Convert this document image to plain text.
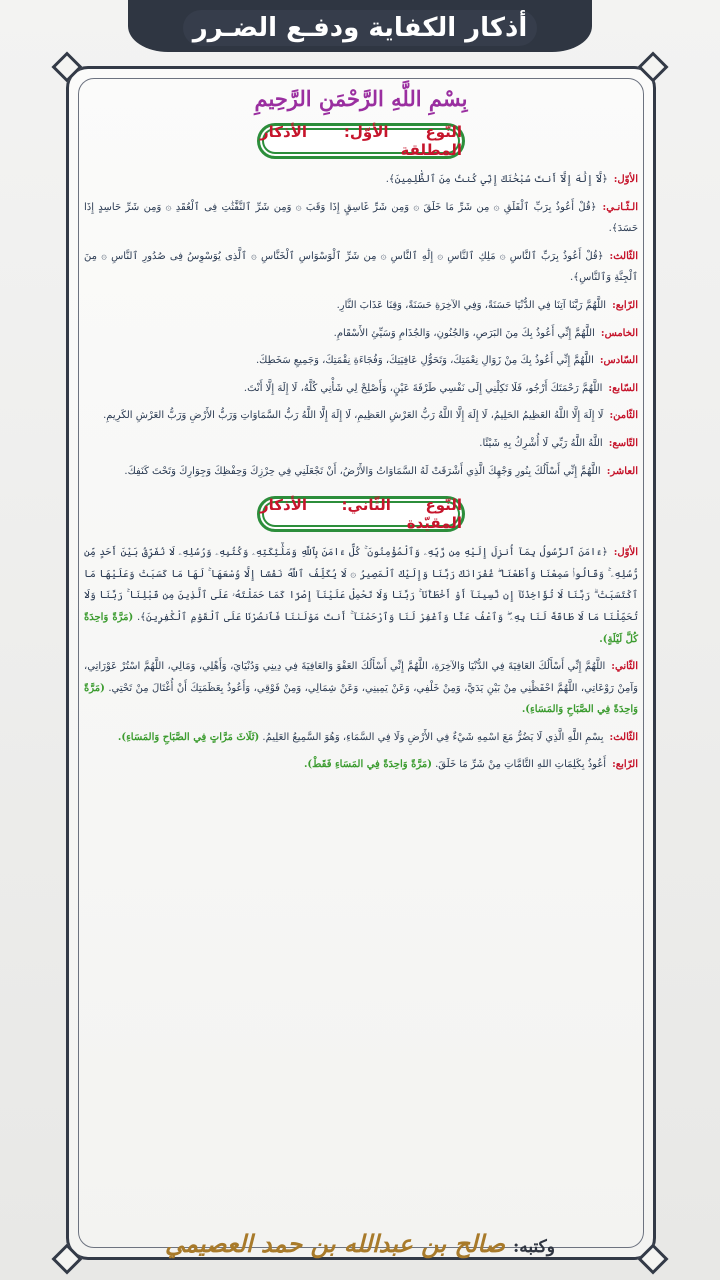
أذكار الكفاية ودفـع الضـرر
بِسْمِ اللَّهِ الرَّحْمَنِ الرَّحِيمِ
النّوع الأوّل: الأذكار المطلقة
الأوّل:﴿لَّآ إِلَٰهَ إِلَّآ أَنتَ سُبْحَٰنَكَ إِنِّي كُنتُ مِنَ ٱلظَّٰلِمِينَ﴾.
الـثّـانـي:﴿قُلْ أَعُوذُ بِرَبِّ ٱلْفَلَقِ ۞ مِن شَرِّ مَا خَلَقَ ۞ وَمِن شَرِّ غَاسِقٍ إِذَا وَقَبَ ۞ وَمِن شَرِّ ٱلنَّفَّٰثَٰتِ فِى ٱلْعُقَدِ ۞ وَمِن شَرِّ حَاسِدٍ إِذَا حَسَدَ﴾.
الثّالث:﴿قُلْ أَعُوذُ بِرَبِّ ٱلنَّاسِ ۞ مَلِكِ ٱلنَّاسِ ۞ إِلَٰهِ ٱلنَّاسِ ۞ مِن شَرِّ ٱلْوَسْوَاسِ ٱلْخَنَّاسِ ۞ ٱلَّذِى يُوَسْوِسُ فِى صُدُورِ ٱلنَّاسِ ۞ مِنَ ٱلْجِنَّةِ وَٱلنَّاسِ﴾.
الرّابع:اللَّهُمَّ رَبَّنَا آتِنَا فِي الدُّنْيَا حَسَنَةً، وَفِي الآخِرَةِ حَسَنَةً، وَقِنَا عَذَابَ النَّارِ.
الخامس:اللَّهُمَّ إِنِّي أَعُوذُ بِكَ مِنَ البَرَصِ، وَالجُنُونِ، وَالجُذَامِ وَسَيِّئِ الأَسْقَامِ.
السّادس:اللَّهُمَّ إِنِّي أَعُوذُ بِكَ مِنْ زَوَالِ نِعْمَتِكَ، وَتَحَوُّلِ عَافِيَتِكَ، وَفُجَاءَةِ نِقْمَتِكَ، وَجَمِيعِ سَخَطِكَ.
السّابع:اللَّهُمَّ رَحْمَتَكَ أَرْجُو، فَلَا تَكِلْنِي إِلَى نَفْسِي طَرْفَةَ عَيْنٍ، وَأَصْلِحْ لِي شَأْنِي كُلَّهُ، لَا إِلَهَ إِلَّا أَنْتَ.
الثّامن:لَا إِلَهَ إِلَّا اللَّهُ العَظِيمُ الحَلِيمُ، لَا إِلَهَ إِلَّا اللَّهُ رَبُّ العَرْشِ العَظِيمِ، لَا إِلَهَ إِلَّا اللَّهُ رَبُّ السَّمَاوَاتِ وَرَبُّ الأَرْضِ وَرَبُّ العَرْشِ الكَرِيمِ.
التّاسع:اللَّهُ اللَّهُ رَبِّي لَا أُشْرِكُ بِهِ شَيْئًا.
العاشر:اللَّهُمَّ إِنِّي أَسْأَلُكَ بِنُورِ وَجْهِكَ الَّذِي أَشْرَقَتْ لَهُ السَّمَاوَاتُ وَالأَرْضُ، أَنْ تَجْعَلَنِي فِي حِرْزِكَ وَحِفْظِكَ وَجِوَارِكَ وَتَحْتَ كَنَفِكَ.
النّوع الثّاني: الأذكار المقيّدة
الأوّل:﴿ءَامَنَ ٱلرَّسُولُ بِمَآ أُنزِلَ إِلَيْهِ مِن رَّبِّهِۦ وَٱلْمُؤْمِنُونَ ۚ كُلٌّ ءَامَنَ بِٱللَّهِ وَمَلَٰٓئِكَتِهِۦ وَكُتُبِهِۦ وَرُسُلِهِۦ لَا نُفَرِّقُ بَيْنَ أَحَدٍ مِّن رُّسُلِهِۦ ۚ وَقَالُوا۟ سَمِعْنَا وَأَطَعْنَا ۖ غُفْرَانَكَ رَبَّنَا وَإِلَيْكَ ٱلْمَصِيرُ ۞ لَا يُكَلِّفُ ٱللَّهُ نَفْسًا إِلَّا وُسْعَهَا ۚ لَهَا مَا كَسَبَتْ وَعَلَيْهَا مَا ٱكْتَسَبَتْ ۗ رَبَّنَا لَا تُؤَاخِذْنَآ إِن نَّسِينَآ أَوْ أَخْطَأْنَا ۚ رَبَّنَا وَلَا تَحْمِلْ عَلَيْنَآ إِصْرًا كَمَا حَمَلْتَهُۥ عَلَى ٱلَّذِينَ مِن قَبْلِنَا ۚ رَبَّنَا وَلَا تُحَمِّلْنَا مَا لَا طَاقَةَ لَنَا بِهِۦ ۖ وَٱعْفُ عَنَّا وَٱغْفِرْ لَنَا وَٱرْحَمْنَآ ۚ أَنتَ مَوْلَىٰنَا فَٱنصُرْنَا عَلَى ٱلْقَوْمِ ٱلْكَٰفِرِينَ﴾. (مَرَّةً وَاحِدَةً كُلَّ لَيْلَةٍ).
الثّاني:اللَّهُمَّ إِنِّي أَسْأَلُكَ العَافِيَةَ فِي الدُّنْيَا وَالآخِرَةِ، اللَّهُمَّ إِنِّي أَسْأَلُكَ العَفْوَ وَالعَافِيَةَ فِي دِينِي وَدُنْيَايَ، وَأَهْلِي، وَمَالِي، اللَّهُمَّ اسْتُرْ عَوْرَاتِي، وَآمِنْ رَوْعَاتِي، اللَّهُمَّ احْفَظْنِي مِنْ بَيْنِ يَدَيَّ، وَمِنْ خَلْفِي، وَعَنْ يَمِينِي، وَعَنْ شِمَالِي، وَمِنْ فَوْقِي، وَأَعُوذُ بِعَظَمَتِكَ أَنْ أُغْتَالَ مِنْ تَحْتِي. (مَرَّةً وَاحِدَةً فِي الصَّبَاحِ وَالمَسَاءِ).
الثّالث:بِسْمِ اللَّهِ الَّذِي لَا يَضُرُّ مَعَ اسْمِهِ شَيْءٌ فِي الأَرْضِ وَلَا فِي السَّمَاءِ، وَهُوَ السَّمِيعُ العَلِيمُ. (ثَلَاثَ مَرَّاتٍ فِي الصَّبَاحِ وَالمَسَاءِ).
الرّابع:أَعُوذُ بِكَلِمَاتِ اللهِ التَّامَّاتِ مِنْ شَرِّ مَا خَلَقَ. (مَرَّةً وَاحِدَةً فِي المَسَاءِ فَقَطْ).
وكتبه:صالح بن عبدالله بن حمد العصيمي
